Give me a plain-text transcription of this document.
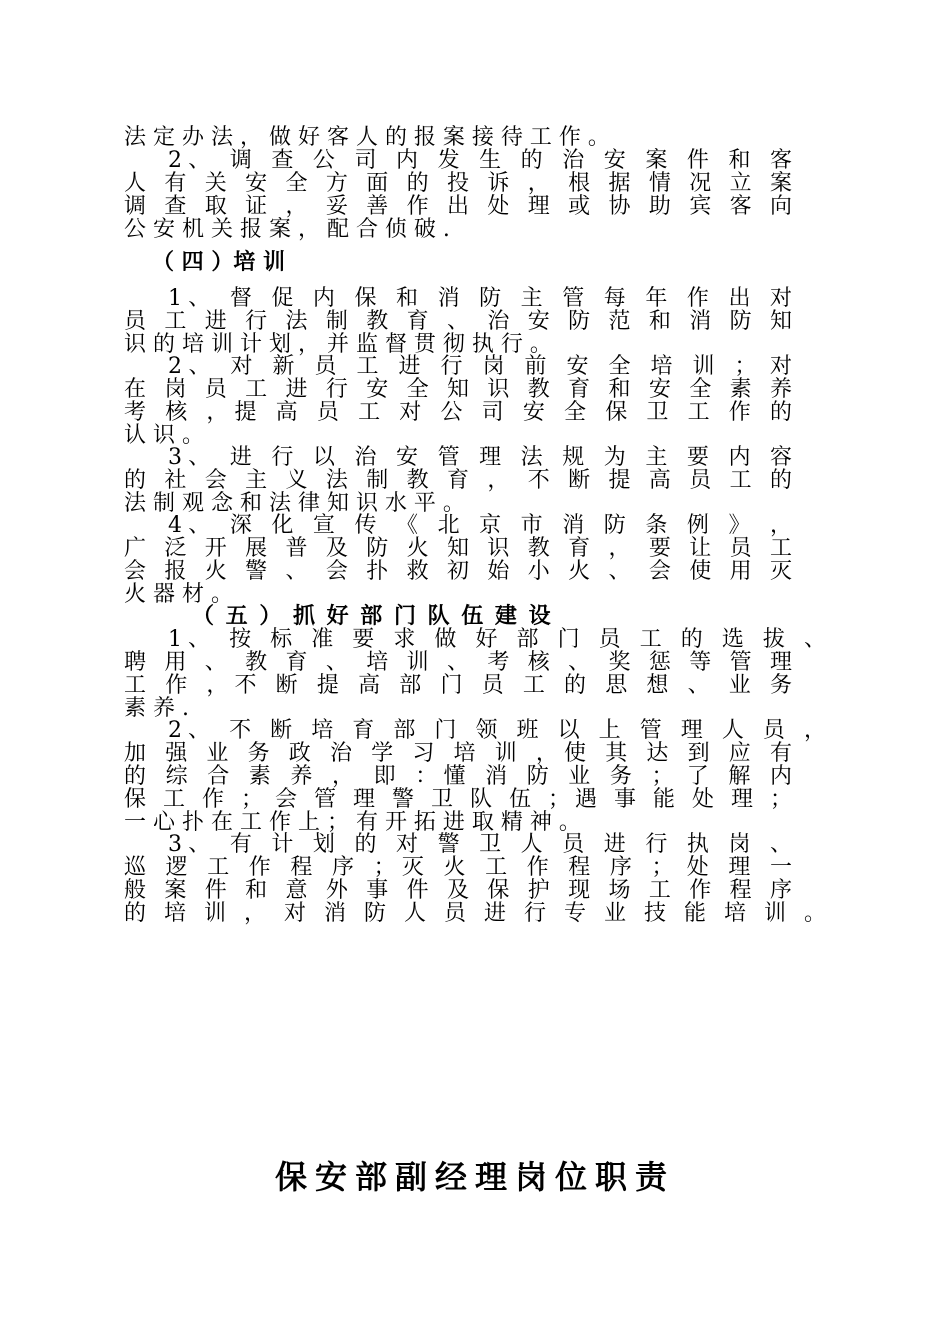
法 定 办 法 ， 做 好 客 人 的 报 案 接 待 工 作 。
2、 调 查 公 司 内 发 生 的 治 安 案 件 和 客
人 有 关 安 全 方 面 的 投 诉 ， 根 据 情 况 立 案
调 查 取 证 ， 妥 善 作 出 处 理 或 协 助 宾 客 向
公 安 机 关 报 案 ， 配 合 侦 破 .
（ 四 ）培 训
1、 督 促 内 保 和 消 防 主 管 每 年 作 出 对
员 工 进 行 法 制 教 育 、 治 安 防 范 和 消 防 知
识 的 培 训 计 划 ， 并 监 督 贯 彻 执 行 。
2、 对 新 员 工 进 行 岗 前 安 全 培 训 ； 对
在 岗 员 工 进 行 安 全 知 识 教 育 和 安 全 素 养
考 核 ，提 高 员 工 对 公 司 安 全 保 卫 工 作 的
认 识 。
3、 进 行 以 治 安 管 理 法 规 为 主 要 内 容
的 社 会 主 义 法 制 教 育 ， 不 断 提 高 员 工 的
法 制 观 念 和 法 律 知 识 水 平 。
4、 深 化 宣 传 《 北 京 市 消 防 条 例 》 ，
广 泛 开 展 普 及 防 火 知 识 教 育 ， 要 让 员 工
会 报 火 警 、 会 扑 救 初 始 小 火 、 会 使 用 灭
火 器 材 。
（ 五 ） 抓 好 部 门 队 伍 建 设
1、 按 标 准 要 求 做 好 部 门 员 工 的 选 拔 、
聘 用 、 教 育 、 培 训 、 考 核 、 奖 惩 等 管 理
工 作 ，不 断 提 高 部 门 员 工 的 思 想 、 业 务
素 养 .
2、 不 断 培 育 部 门 领 班 以 上 管 理 人 员 ，
加 强 业 务 政 治 学 习 培 训 ，使 其 达 到 应 有
的 综 合 素 养 ， 即 ：懂 消 防 业 务 ； 了 解 内
保 工 作 ； 会 管 理 警 卫 队 伍 ；遇 事 能 处 理 ；
一 心 扑 在 工 作 上 ； 有 开 拓 进 取 精 神 。
3、 有 计 划 的 对 警 卫 人 员 进 行 执 岗 、
巡 逻 工 作 程 序 ；灭 火 工 作 程 序 ； 处 理 一
般 案 件 和 意 外 事 件 及 保 护 现 场 工 作 程 序
的 培 训 ， 对 消 防 人 员 进 行 专 业 技 能 培 训 。
保安部副经理岗位职责
